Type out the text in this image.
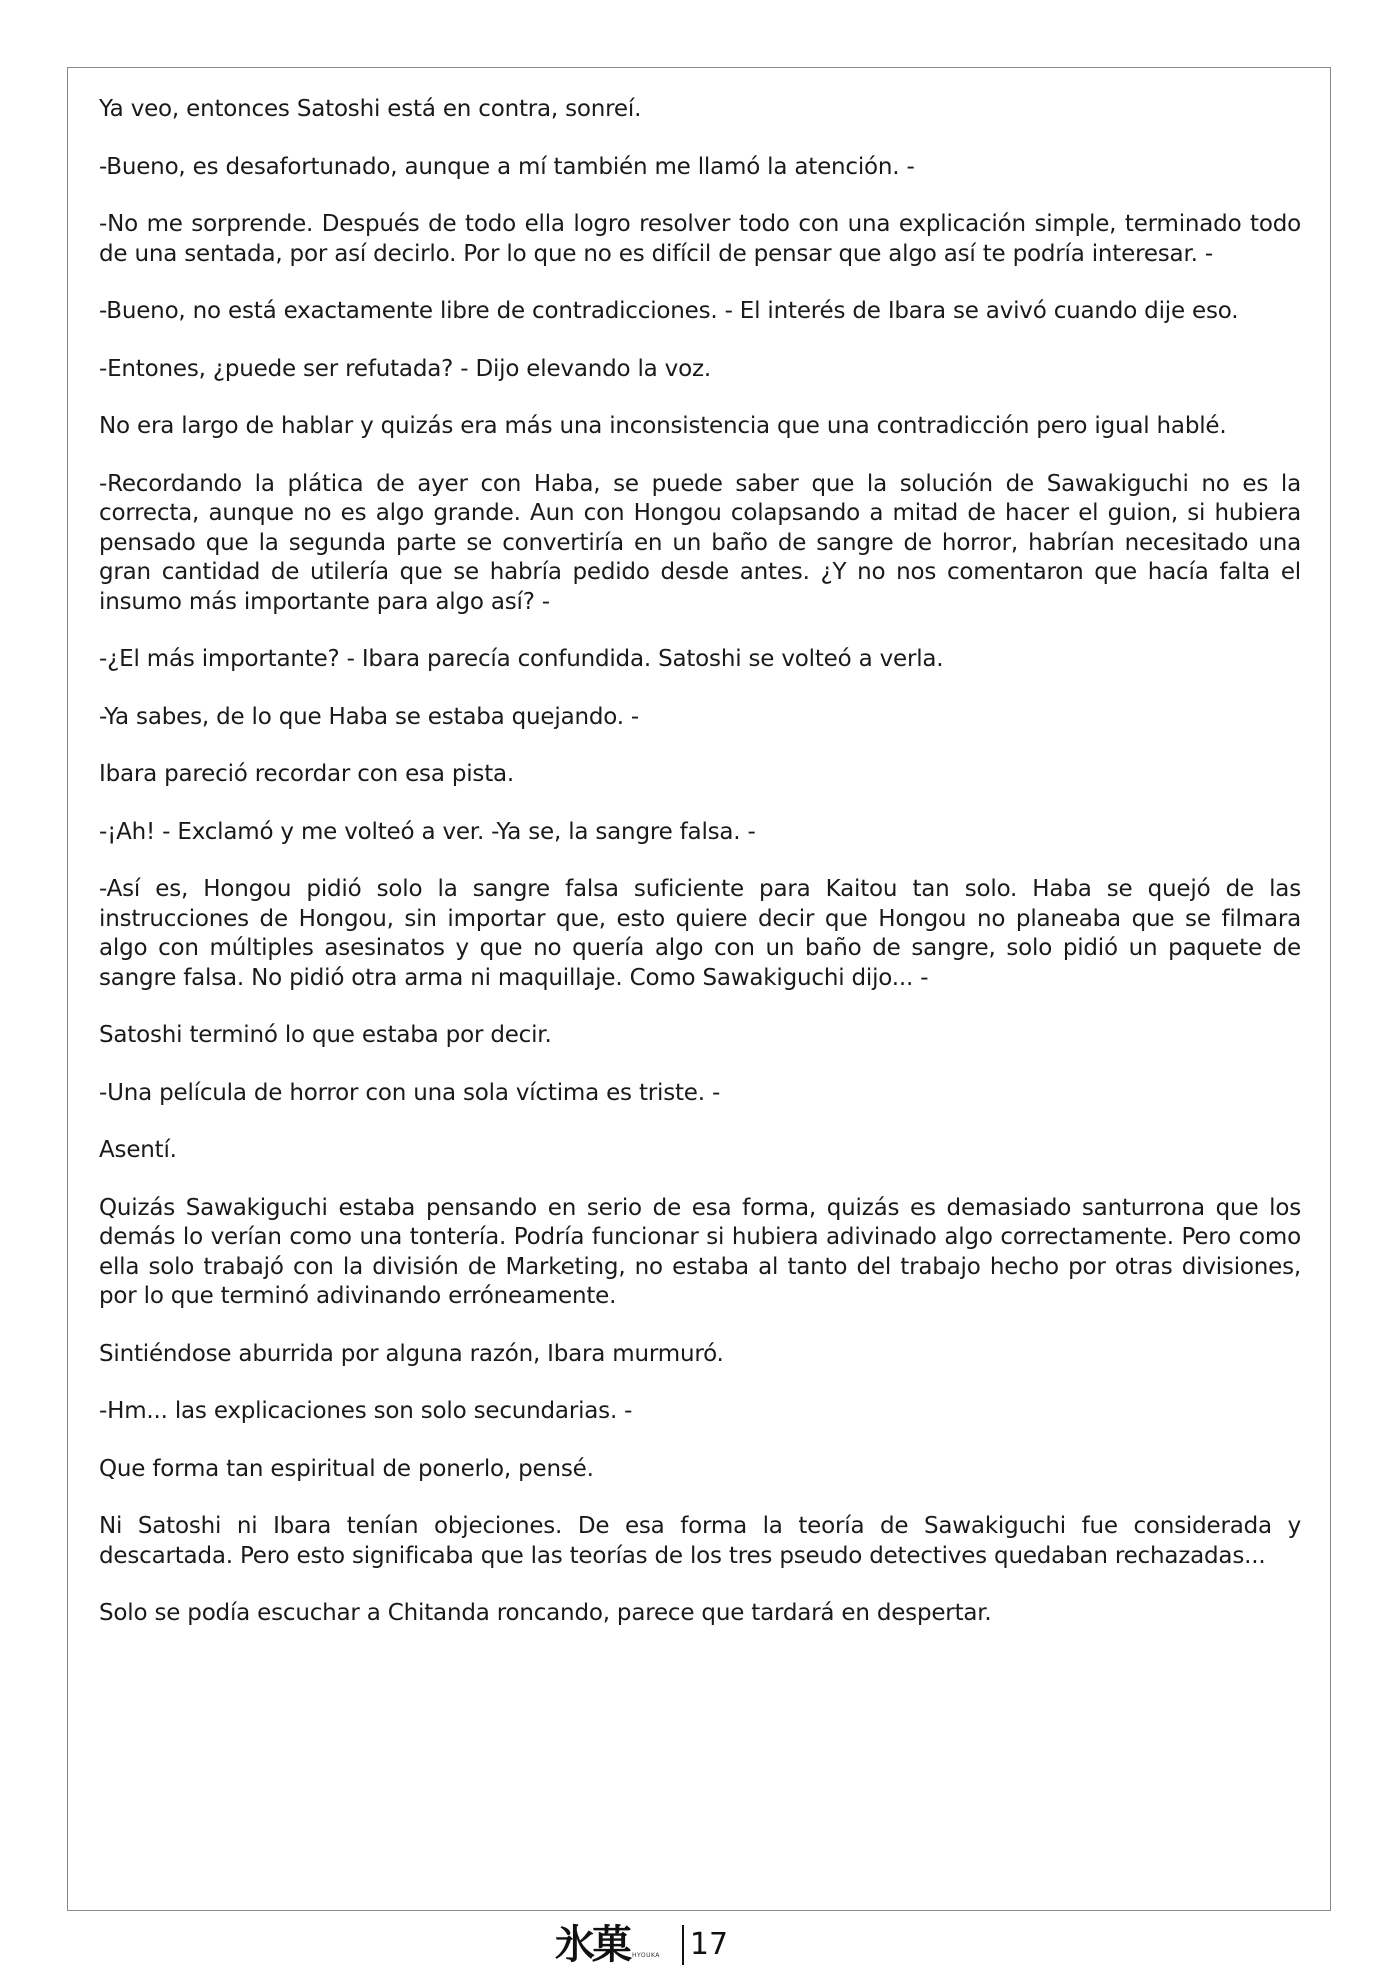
Ya veo, entonces Satoshi está en contra, sonreí.

-Bueno, es desafortunado, aunque a mí también me llamó la atención. -

-No me sorprende. Después de todo ella logro resolver todo con una explicación simple, terminado todo de una sentada, por así decirlo. Por lo que no es difícil de pensar que algo así te podría interesar. -

-Bueno, no está exactamente libre de contradicciones. - El interés de Ibara se avivó cuando dije eso.

-Entones, ¿puede ser refutada? - Dijo elevando la voz.

No era largo de hablar y quizás era más una inconsistencia que una contradicción pero igual hablé.

-Recordando la plática de ayer con Haba, se puede saber que la solución de Sawakiguchi no es la correcta, aunque no es algo grande. Aun con Hongou colapsando a mitad de hacer el guion, si hubiera pensado que la segunda parte se convertiría en un baño de sangre de horror, habrían necesitado una gran cantidad de utilería que se habría pedido desde antes. ¿Y no nos comentaron que hacía falta el insumo más importante para algo así? -

-¿El más importante? - Ibara parecía confundida. Satoshi se volteó a verla.

-Ya sabes, de lo que Haba se estaba quejando. -

Ibara pareció recordar con esa pista.

-¡Ah! - Exclamó y me volteó a ver. -Ya se, la sangre falsa. -

-Así es, Hongou pidió solo la sangre falsa suficiente para Kaitou tan solo. Haba se quejó de las instrucciones de Hongou, sin importar que, esto quiere decir que Hongou no planeaba que se filmara algo con múltiples asesinatos y que no quería algo con un baño de sangre, solo pidió un paquete de sangre falsa. No pidió otra arma ni maquillaje. Como Sawakiguchi dijo... -

Satoshi terminó lo que estaba por decir.

-Una película de horror con una sola víctima es triste. -

Asentí.

Quizás Sawakiguchi estaba pensando en serio de esa forma, quizás es demasiado santurrona que los demás lo verían como una tontería. Podría funcionar si hubiera adivinado algo correctamente. Pero como ella solo trabajó con la división de Marketing, no estaba al tanto del trabajo hecho por otras divisiones, por lo que terminó adivinando erróneamente.

Sintiéndose aburrida por alguna razón, Ibara murmuró.

-Hm... las explicaciones son solo secundarias. -

Que forma tan espiritual de ponerlo, pensé.

Ni Satoshi ni Ibara tenían objeciones. De esa forma la teoría de Sawakiguchi fue considerada y descartada. Pero esto significaba que las teorías de los tres pseudo detectives quedaban rechazadas...

Solo se podía escuchar a Chitanda roncando, parece que tardará en despertar.

氷菓 HYOUKA 17
